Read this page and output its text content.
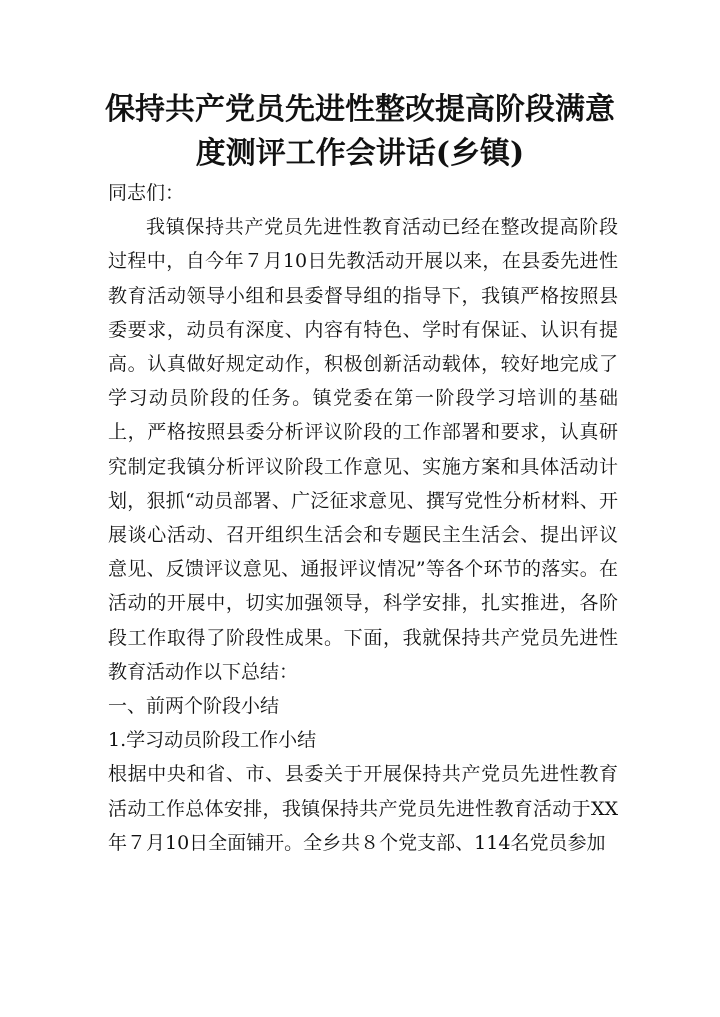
保持共产党员先进性整改提高阶段满意度测评工作会讲话(乡镇)

同志们：

我镇保持共产党员先进性教育活动已经在整改提高阶段过程中，自今年７月10日先教活动开展以来，在县委先进性教育活动领导小组和县委督导组的指导下，我镇严格按照县委要求，动员有深度、内容有特色、学时有保证、认识有提高。认真做好规定动作，积极创新活动载体，较好地完成了学习动员阶段的任务。镇党委在第一阶段学习培训的基础上，严格按照县委分析评议阶段的工作部署和要求，认真研究制定我镇分析评议阶段工作意见、实施方案和具体活动计划，狠抓“动员部署、广泛征求意见、撰写党性分析材料、开展谈心活动、召开组织生活会和专题民主生活会、提出评议意见、反馈评议意见、通报评议情况”等各个环节的落实。在活动的开展中，切实加强领导，科学安排，扎实推进，各阶段工作取得了阶段性成果。下面，我就保持共产党员先进性教育活动作以下总结：

一、前两个阶段小结

1.学习动员阶段工作小结

根据中央和省、市、县委关于开展保持共产党员先进性教育活动工作总体安排，我镇保持共产党员先进性教育活动于XX年７月10日全面铺开。全乡共８个党支部、114名党员参加
